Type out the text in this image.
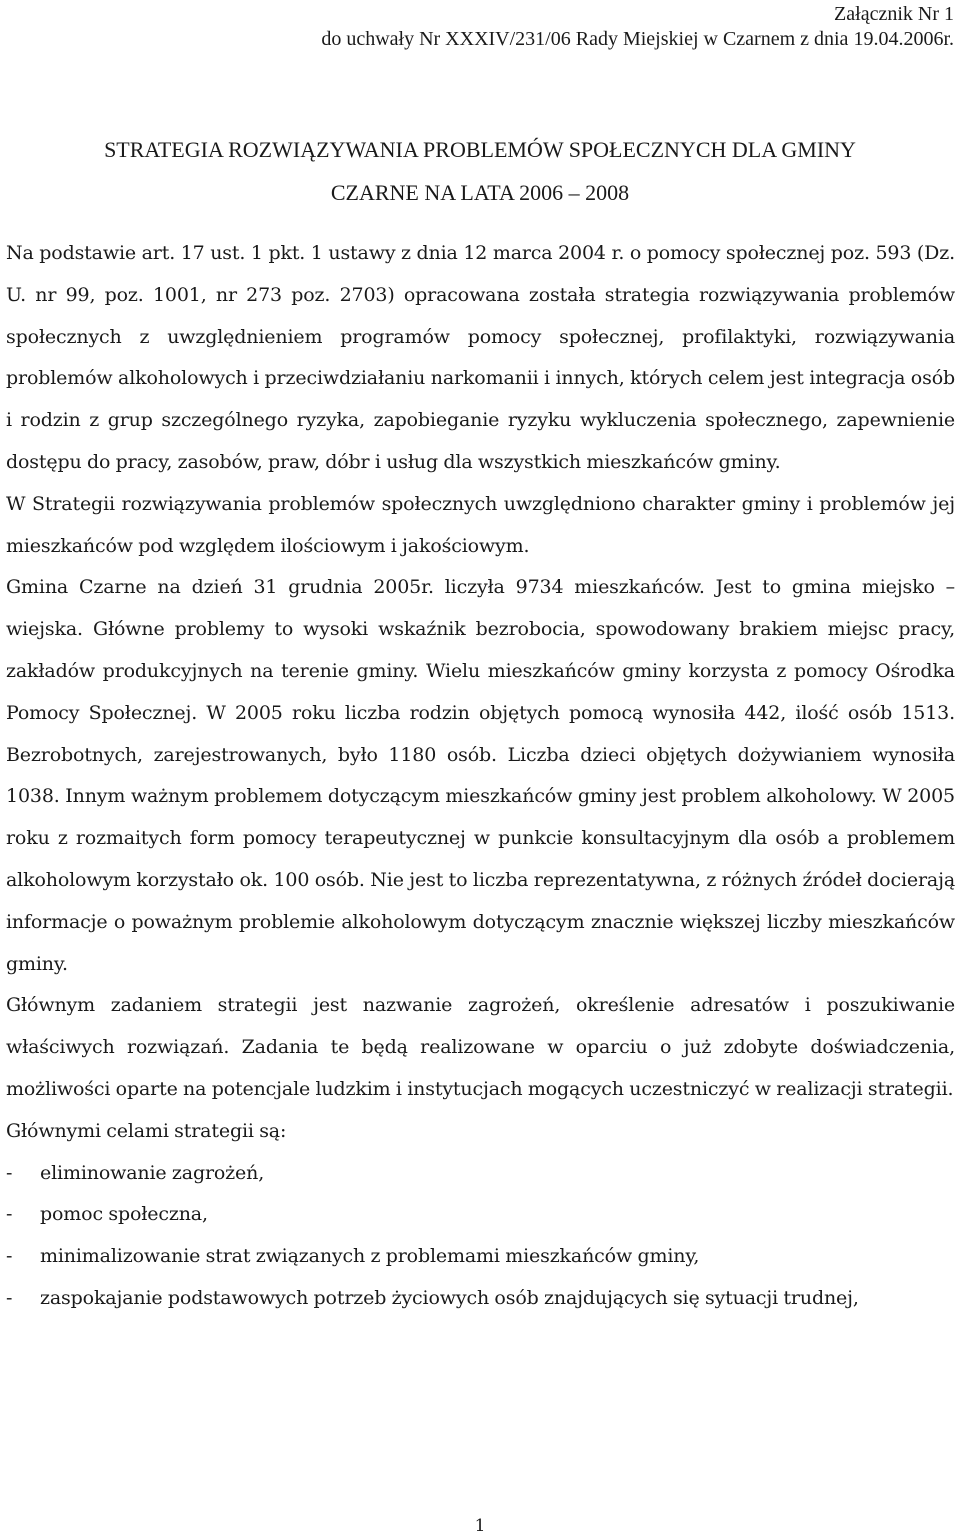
Załącznik Nr 1
do uchwały Nr XXXIV/231/06 Rady Miejskiej w Czarnem z dnia 19.04.2006r.
STRATEGIA ROZWIĄZYWANIA PROBLEMÓW SPOŁECZNYCH DLA GMINY
CZARNE NA LATA 2006 – 2008

Na podstawie art. 17 ust. 1 pkt. 1 ustawy z dnia 12 marca 2004 r. o pomocy społecznej poz. 593 (Dz. U. nr 99, poz. 1001, nr 273 poz. 2703) opracowana została strategia rozwiązywania problemów społecznych z uwzględnieniem programów pomocy społecznej, profilaktyki, rozwiązywania problemów alkoholowych i przeciwdziałaniu narkomanii i innych, których celem jest integracja osób i rodzin z grup szczególnego ryzyka, zapobieganie ryzyku wykluczenia społecznego, zapewnienie dostępu do pracy, zasobów, praw, dóbr i usług dla wszystkich mieszkańców gminy.

W Strategii rozwiązywania problemów społecznych uwzględniono charakter gminy i problemów jej mieszkańców pod względem ilościowym i jakościowym.

Gmina Czarne na dzień 31 grudnia 2005r. liczyła 9734 mieszkańców. Jest to gmina miejsko – wiejska. Główne problemy to wysoki wskaźnik bezrobocia, spowodowany brakiem miejsc pracy, zakładów produkcyjnych na terenie gminy. Wielu mieszkańców gminy korzysta z pomocy Ośrodka Pomocy Społecznej. W 2005 roku liczba rodzin objętych pomocą wynosiła 442, ilość osób 1513. Bezrobotnych, zarejestrowanych, było 1180 osób. Liczba dzieci objętych dożywianiem wynosiła 1038. Innym ważnym problemem dotyczącym mieszkańców gminy jest problem alkoholowy. W 2005 roku z rozmaitych form pomocy terapeutycznej w punkcie konsultacyjnym dla osób a problemem alkoholowym korzystało ok. 100 osób. Nie jest to liczba reprezentatywna, z różnych źródeł docierają informacje o poważnym problemie alkoholowym dotyczącym znacznie większej liczby mieszkańców gminy.

Głównym zadaniem strategii jest nazwanie zagrożeń, określenie adresatów i poszukiwanie właściwych rozwiązań. Zadania te będą realizowane w oparciu o już zdobyte doświadczenia, możliwości oparte na potencjale ludzkim i instytucjach mogących uczestniczyć w realizacji strategii.

Głównymi celami strategii są:

- eliminowanie zagrożeń,
- pomoc społeczna,
- minimalizowanie strat związanych z problemami mieszkańców gminy,
- zaspokajanie podstawowych potrzeb życiowych osób znajdujących się sytuacji trudnej,
1
